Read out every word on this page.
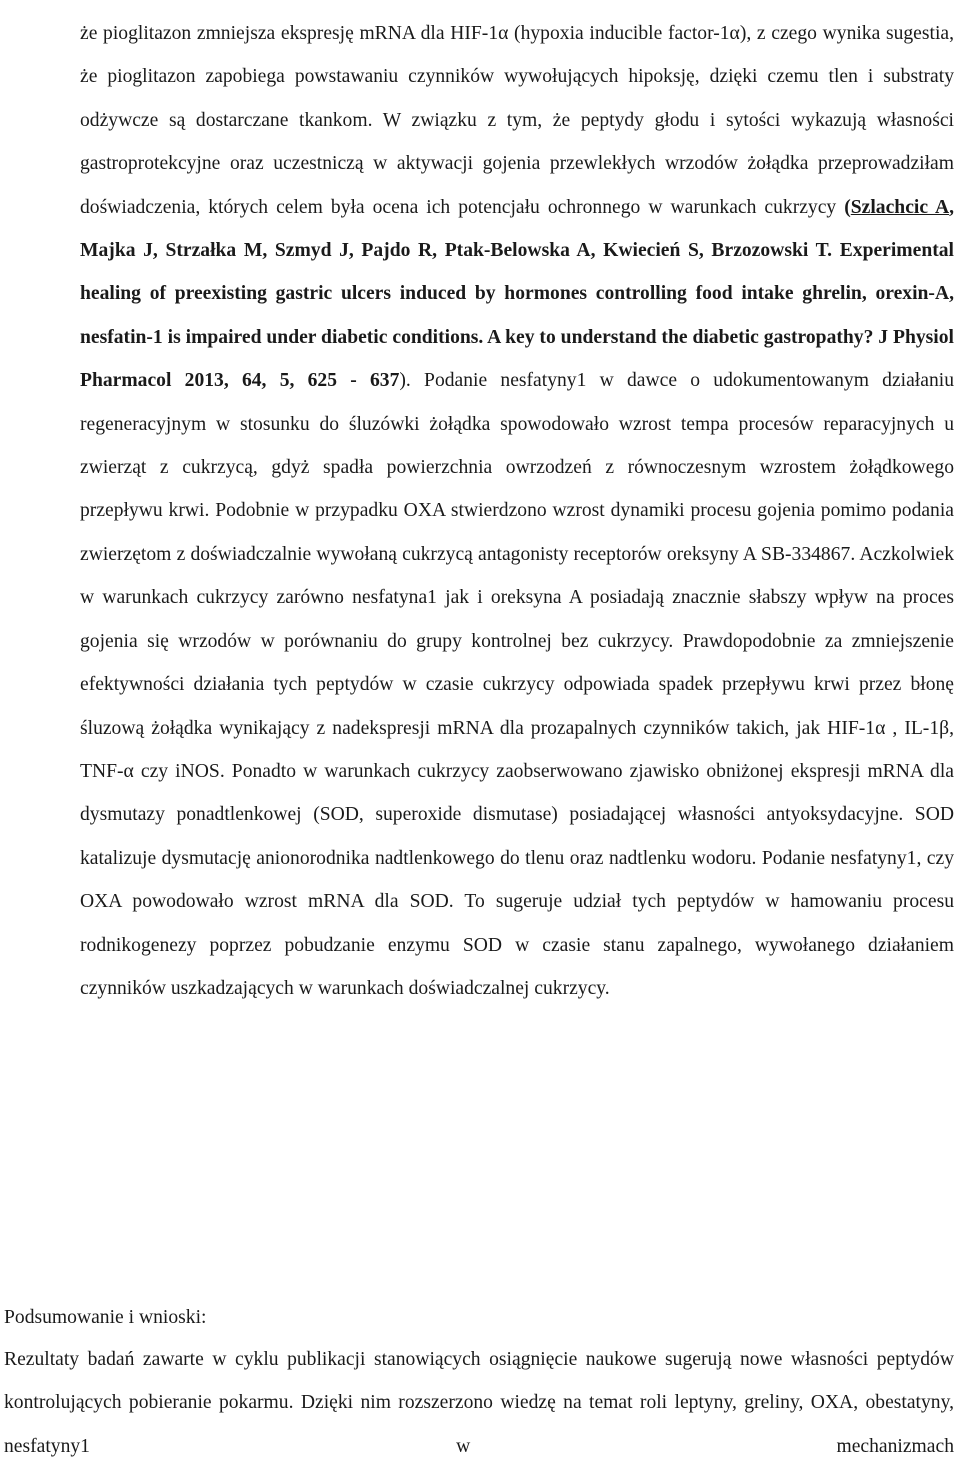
że pioglitazon zmniejsza ekspresję mRNA dla HIF-1α (hypoxia inducible factor-1α), z czego wynika sugestia, że pioglitazon zapobiega powstawaniu czynników wywołujących hipoksję, dzięki czemu tlen i substraty odżywcze są dostarczane tkankom. W związku z tym, że peptydy głodu i sytości wykazują własności gastroprotekcyjne oraz uczestniczą w aktywacji gojenia przewlekłych wrzodów żołądka przeprowadziłam doświadczenia, których celem była ocena ich potencjału ochronnego w warunkach cukrzycy (Szlachcic A, Majka J, Strzałka M, Szmyd J, Pajdo R, Ptak-Belowska A, Kwiecień S, Brzozowski T. Experimental healing of preexisting gastric ulcers induced by hormones controlling food intake ghrelin, orexin-A, nesfatin-1 is impaired under diabetic conditions. A key to understand the diabetic gastropathy? J Physiol Pharmacol 2013, 64, 5, 625 - 637). Podanie nesfatyny1 w dawce o udokumentowanym działaniu regeneracyjnym w stosunku do śluzówki żołądka spowodowało wzrost tempa procesów reparacyjnych u zwierząt z cukrzycą, gdyż spadła powierzchnia owrzodzeń z równoczesnym wzrostem żołądkowego przepływu krwi. Podobnie w przypadku OXA stwierdzono wzrost dynamiki procesu gojenia pomimo podania zwierzętom z doświadczalnie wywołaną cukrzycą antagonisty receptorów oreksyny A SB-334867. Aczkolwiek w warunkach cukrzycy zarówno nesfatyna1 jak i oreksyna A posiadają znacznie słabszy wpływ na proces gojenia się wrzodów w porównaniu do grupy kontrolnej bez cukrzycy. Prawdopodobnie za zmniejszenie efektywności działania tych peptydów w czasie cukrzycy odpowiada spadek przepływu krwi przez błonę śluzową żołądka wynikający z nadekspresji mRNA dla prozapalnych czynników takich, jak HIF-1α , IL-1β, TNF-α czy iNOS. Ponadto w warunkach cukrzycy zaobserwowano zjawisko obniżonej ekspresji mRNA dla dysmutazy ponadtlenkowej (SOD, superoxide dismutase) posiadającej własności antyoksydacyjne. SOD katalizuje dysmutację anionorodnika nadtlenkowego do tlenu oraz nadtlenku wodoru. Podanie nesfatyny1, czy OXA powodowało wzrost mRNA dla SOD. To sugeruje udział tych peptydów w hamowaniu procesu rodnikogenezy poprzez pobudzanie enzymu SOD w czasie stanu zapalnego, wywołanego działaniem czynników uszkadzających w warunkach doświadczalnej cukrzycy.

Podsumowanie i wnioski:

Rezultaty badań zawarte w cyklu publikacji stanowiących osiągnięcie naukowe sugerują nowe własności peptydów kontrolujących pobieranie pokarmu. Dzięki nim rozszerzono wiedzę na temat roli leptyny, greliny, OXA, obestatyny, nesfatyny1 w mechanizmach
